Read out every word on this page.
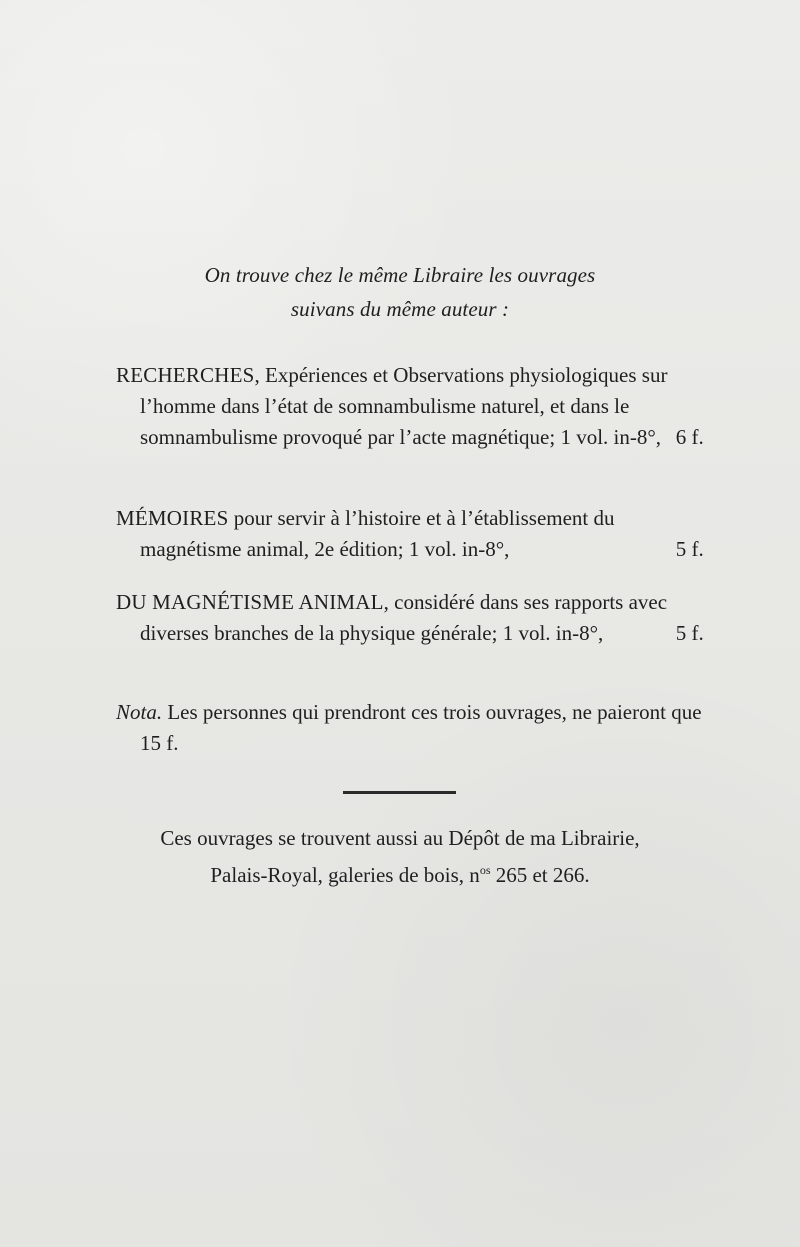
On trouve chez le même Libraire les ouvrages
suivans du même auteur :
RECHERCHES, Expériences et Observations physiologiques sur l’homme dans l’état de somnambulisme naturel, et dans le somnambulisme provoqué par l’acte magnétique; 1 vol. in-8°, 6 f.
MÉMOIRES pour servir à l’histoire et à l’établissement du magnétisme animal, 2e édition; 1 vol. in-8°,	5 f.
DU MAGNÉTISME ANIMAL, considéré dans ses rapports avec diverses branches de la physique générale; 1 vol. in-8°,	5 f.
Nota. Les personnes qui prendront ces trois ouvrages, ne paieront que 15 f.
Ces ouvrages se trouvent aussi au Dépôt de ma Librairie,
Palais-Royal, galeries de bois, $n^{os}$ 265 et 266.
